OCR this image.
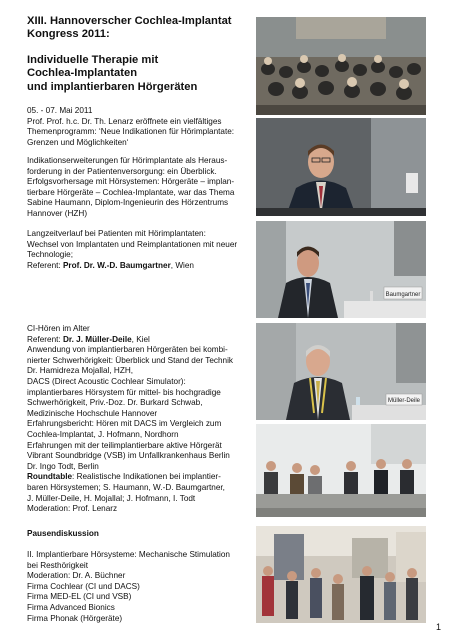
XIII. Hannoverscher Cochlea-Implantat

Kongress 2011:

Individuelle Therapie mit

Cochlea-Implantaten

und implantierbaren Hörgeräten

05. - 07. Mai 2011

Prof. Prof. h.c. Dr. Th. Lenarz eröffnete ein vielfältiges

Themenprogramm: ‘Neue Indikationen für Hörimplantate:

Grenzen und Möglichkeiten‘

Indikationserweiterungen für Hörimplantate als Heraus-

forderung in der Patientenversorgung: ein Überblick.

Erfolgsvorhersage mit Hörsystemen: Hörgeräte – implan-

tierbare Hörgeräte – Cochlea-Implantate, war das Thema

Sabine Haumann, Diplom-Ingenieurin des Hörzentrums

Hannover (HZH)

Langzeitverlauf bei Patienten mit Hörimplantaten:

Wechsel von Implantaten und Reimplantationen mit neuer

Technologie;

Referent: Prof. Dr. W.-D. Baumgartner, Wien

CI-Hören im Alter

Referent: Dr. J. Müller-Deile, Kiel

Anwendung von implantierbaren Hörgeräten bei kombi-

nierter Schwerhörigkeit: Überblick und Stand der Technik

Dr. Hamidreza Mojallal, HZH,

DACS (Direct Acoustic Cochlear Simulator):

implantierbares Hörsystem für mittel- bis hochgradige

Schwerhörigkeit, Priv.-Doz. Dr. Burkard Schwab,

Medizinische Hochschule Hannover

Erfahrungsbericht: Hören mit DACS im Vergleich zum

Cochlea-Implantat, J. Hofmann, Nordhorn

Erfahrungen mit der teilimplantierbare aktive Hörgerät

Vibrant Soundbridge (VSB) im Unfallkrankenhaus Berlin

Dr. Ingo Todt, Berlin

Roundtable: Realistische Indikationen bei implantier-

baren Hörsystemen; S. Haumann, W.-D. Baumgartner,

J. Müller-Deile, H. Mojallal; J. Hofmann, I. Todt

Moderation: Prof. Lenarz

Pausendiskussion

II. Implantierbare Hörsysteme: Mechanische Stimulation

bei Resthörigkeit

Moderation: Dr. A. Büchner

Firma Cochlear (CI und DACS)

Firma MED-EL (CI und VSB)

Firma Advanced Bionics

Firma Phonak (Hörgeräte)

Baumgartner
Müller-Deile
1
